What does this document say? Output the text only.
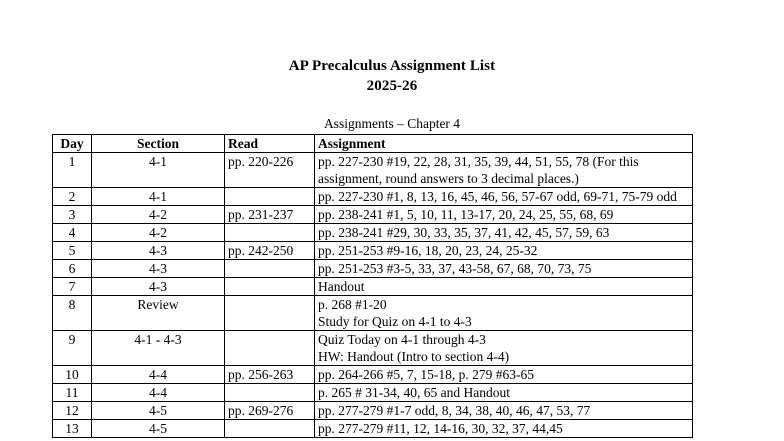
AP Precalculus Assignment List
2025-26
Assignments – Chapter 4
Day	Section	Read	Assignment
1	4-1	pp. 220-226	pp. 227-230 #19, 22, 28, 31, 35, 39, 44, 51, 55, 78 (For this
assignment, round answers to 3 decimal places.)

2	4-1		pp. 227-230 #1, 8, 13, 16, 45, 46, 56, 57-67 odd, 69-71, 75-79 odd

3	4-2	pp. 231-237	pp. 238-241 #1, 5, 10, 11, 13-17, 20, 24, 25, 55, 68, 69

4	4-2		pp. 238-241 #29, 30, 33, 35, 37, 41, 42, 45, 57, 59, 63

5	4-3	pp. 242-250	pp. 251-253 #9-16, 18, 20, 23, 24, 25-32

6	4-3		pp. 251-253 #3-5, 33, 37, 43-58, 67, 68, 70, 73, 75

7	4-3		Handout

8	Review		p. 268 #1-20
Study for Quiz on 4-1 to 4-3

9	4-1 - 4-3		Quiz Today on 4-1 through 4-3
HW: Handout (Intro to section 4-4)

10	4-4	pp. 256-263	pp. 264-266 #5, 7, 15-18, p. 279 #63-65

11	4-4		p. 265 # 31-34, 40, 65 and Handout

12	4-5	pp. 269-276	pp. 277-279 #1-7 odd, 8, 34, 38, 40, 46, 47, 53, 77

13	4-5		pp. 277-279 #11, 12, 14-16, 30, 32, 37, 44,45
